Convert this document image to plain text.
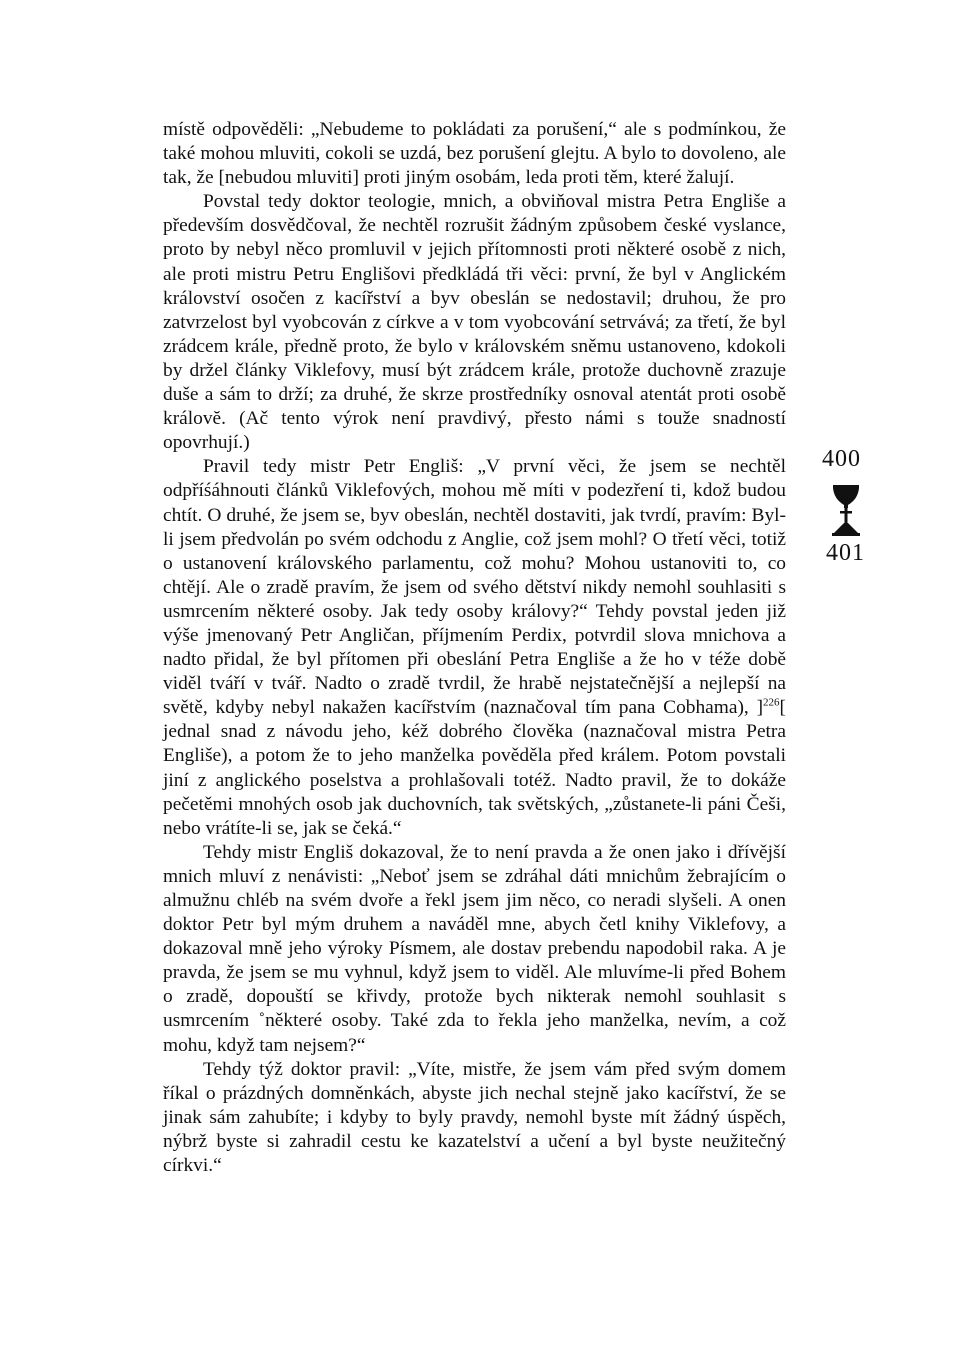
místě odpověděli: „Nebudeme to pokládati za porušení,“ ale s podmínkou, že také mohou mluviti, cokoli se uzdá, bez porušení glejtu. A bylo to dovoleno, ale tak, že [nebudou mluviti] proti jiným osobám, leda proti těm, které žalují.

Povstal tedy doktor teologie, mnich, a obviňoval mistra Petra Engliše a především dosvědčoval, že nechtěl rozrušit žádným způsobem české vyslance, proto by nebyl něco promluvil v jejich přítomnosti proti některé osobě z nich, ale proti mistru Petru Englišovi předkládá tři věci: první, že byl v Anglickém království osočen z kacířství a byv obeslán se nedostavil; druhou, že pro zatvrzelost byl vyobcován z církve a v tom vyobcování setrvává; za třetí, že byl zrádcem krále, předně proto, že bylo v královském sněmu ustanoveno, kdokoli by držel články Viklefovy, musí být zrádcem krále, protože duchovně zrazuje duše a sám to drží; za druhé, že skrze prostředníky osnoval atentát proti osobě královĕ. (Ač tento výrok není pravdivý, přesto námi s touže snadností opovrhují.)

Pravil tedy mistr Petr Engliš: „V první věci, že jsem se nechtěl odpříśáhnouti článků Viklefových, mohou mě míti v podezření ti, kdož budou chtít. O druhé, že jsem se, byv obeslán, nechtěl dostaviti, jak tvrdí, pravím: Byl-li jsem předvolán po svém odchodu z Anglie, což jsem mohl? O třetí věci, totiž o ustanovení královského parlamentu, což mohu? Mohou ustanoviti to, co chtějí. Ale o zradě pravím, že jsem od svého dětství nikdy nemohl souhlasiti s usmrcením některé osoby. Jak tedy osoby královy?“ Tehdy povstal jeden již výše jmenovaný Petr Angličan, příjmením Perdix, potvrdil slova mnichova a nadto přidal, že byl přítomen při obeslání Petra Engliše a že ho v téže době viděl tváří v tvář. Nadto o zradě tvrdil, že hrabě nejstatečnější a nejlepší na světě, kdyby nebyl nakažen kacířstvím (naznačoval tím pana Cobhama), ]$^{226}$[ jednal snad z návodu jeho, kéž dobrého člověka (naznačoval mistra Petra Engliše), a potom že to jeho manželka pověděla před králem. Potom povstali jiní z anglického poselstva a prohlašovali totéž. Nadto pravil, že to dokáže pečetěmi mnohých osob jak duchovních, tak světských, „zůstanete-li páni Češi, nebo vrátíte-li se, jak se čeká.“

Tehdy mistr Engliš dokazoval, že to není pravda a že onen jako i dřívější mnich mluví z nenávisti: „Neboť jsem se zdráhal dáti mnichům žebrajícím o almužnu chléb na svém dvoře a řekl jsem jim něco, co neradi slyšeli. A onen doktor Petr byl mým druhem a naváděl mne, abych četl knihy Viklefovy, a dokazoval mně jeho výroky Písmem, ale dostav prebendu napodobil raka. A je pravda, že jsem se mu vyhnul, když jsem to viděl. Ale mluvíme-li před Bohem o zradě, dopouští se křivdy, protože bych nikterak nemohl souhlasit s usmrcením ˚některé osoby. Také zda to řekla jeho manželka, nevím, a což mohu, když tam nejsem?“

Tehdy týž doktor pravil: „Víte, mistře, že jsem vám před svým domem říkal o prázdných domněnkách, abyste jich nechal stejně jako kacířství, že se jinak sám zahubíte; i kdyby to byly pravdy, nemohl byste mít žádný úspěch, nýbrž byste si zahradil cestu ke kazatelství a učení a byl byste neužitečný církvi.“

400
401
